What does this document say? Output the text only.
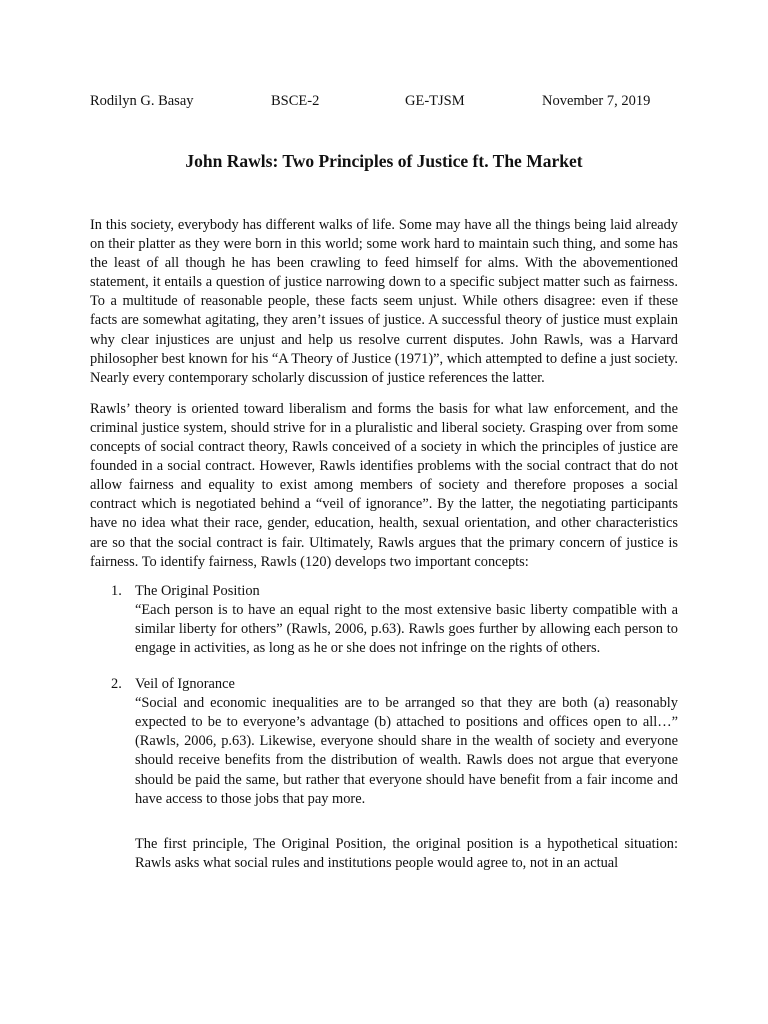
Rodilyn G. Basay	BSCE-2	GE-TJSM	November 7, 2019
John Rawls: Two Principles of Justice ft. The Market

In this society, everybody has different walks of life. Some may have all the things being laid already on their platter as they were born in this world; some work hard to maintain such thing, and some has the least of all though he has been crawling to feed himself for alms. With the abovementioned statement, it entails a question of justice narrowing down to a specific subject matter such as fairness. To a multitude of reasonable people, these facts seem unjust. While others disagree: even if these facts are somewhat agitating, they aren’t issues of justice. A successful theory of justice must explain why clear injustices are unjust and help us resolve current disputes. John Rawls, was a Harvard philosopher best known for his “A Theory of Justice (1971)”, which attempted to define a just society. Nearly every contemporary scholarly discussion of justice references the latter.

Rawls’ theory is oriented toward liberalism and forms the basis for what law enforcement, and the criminal justice system, should strive for in a pluralistic and liberal society. Grasping over from some concepts of social contract theory, Rawls conceived of a society in which the principles of justice are founded in a social contract. However, Rawls identifies problems with the social contract that do not allow fairness and equality to exist among members of society and therefore proposes a social contract which is negotiated behind a “veil of ignorance”. By the latter, the negotiating participants have no idea what their race, gender, education, health, sexual orientation, and other characteristics are so that the social contract is fair. Ultimately, Rawls argues that the primary concern of justice is fairness. To identify fairness, Rawls (120) develops two important concepts:

1. The Original Position
“Each person is to have an equal right to the most extensive basic liberty compatible with a similar liberty for others” (Rawls, 2006, p.63). Rawls goes further by allowing each person to engage in activities, as long as he or she does not infringe on the rights of others.
2. Veil of Ignorance
“Social and economic inequalities are to be arranged so that they are both (a) reasonably expected to be to everyone’s advantage (b) attached to positions and offices open to all…” (Rawls, 2006, p.63). Likewise, everyone should share in the wealth of society and everyone should receive benefits from the distribution of wealth. Rawls does not argue that everyone should be paid the same, but rather that everyone should have benefit from a fair income and have access to those jobs that pay more.
The first principle, The Original Position, the original position is a hypothetical situation: Rawls asks what social rules and institutions people would agree to, not in an actual
